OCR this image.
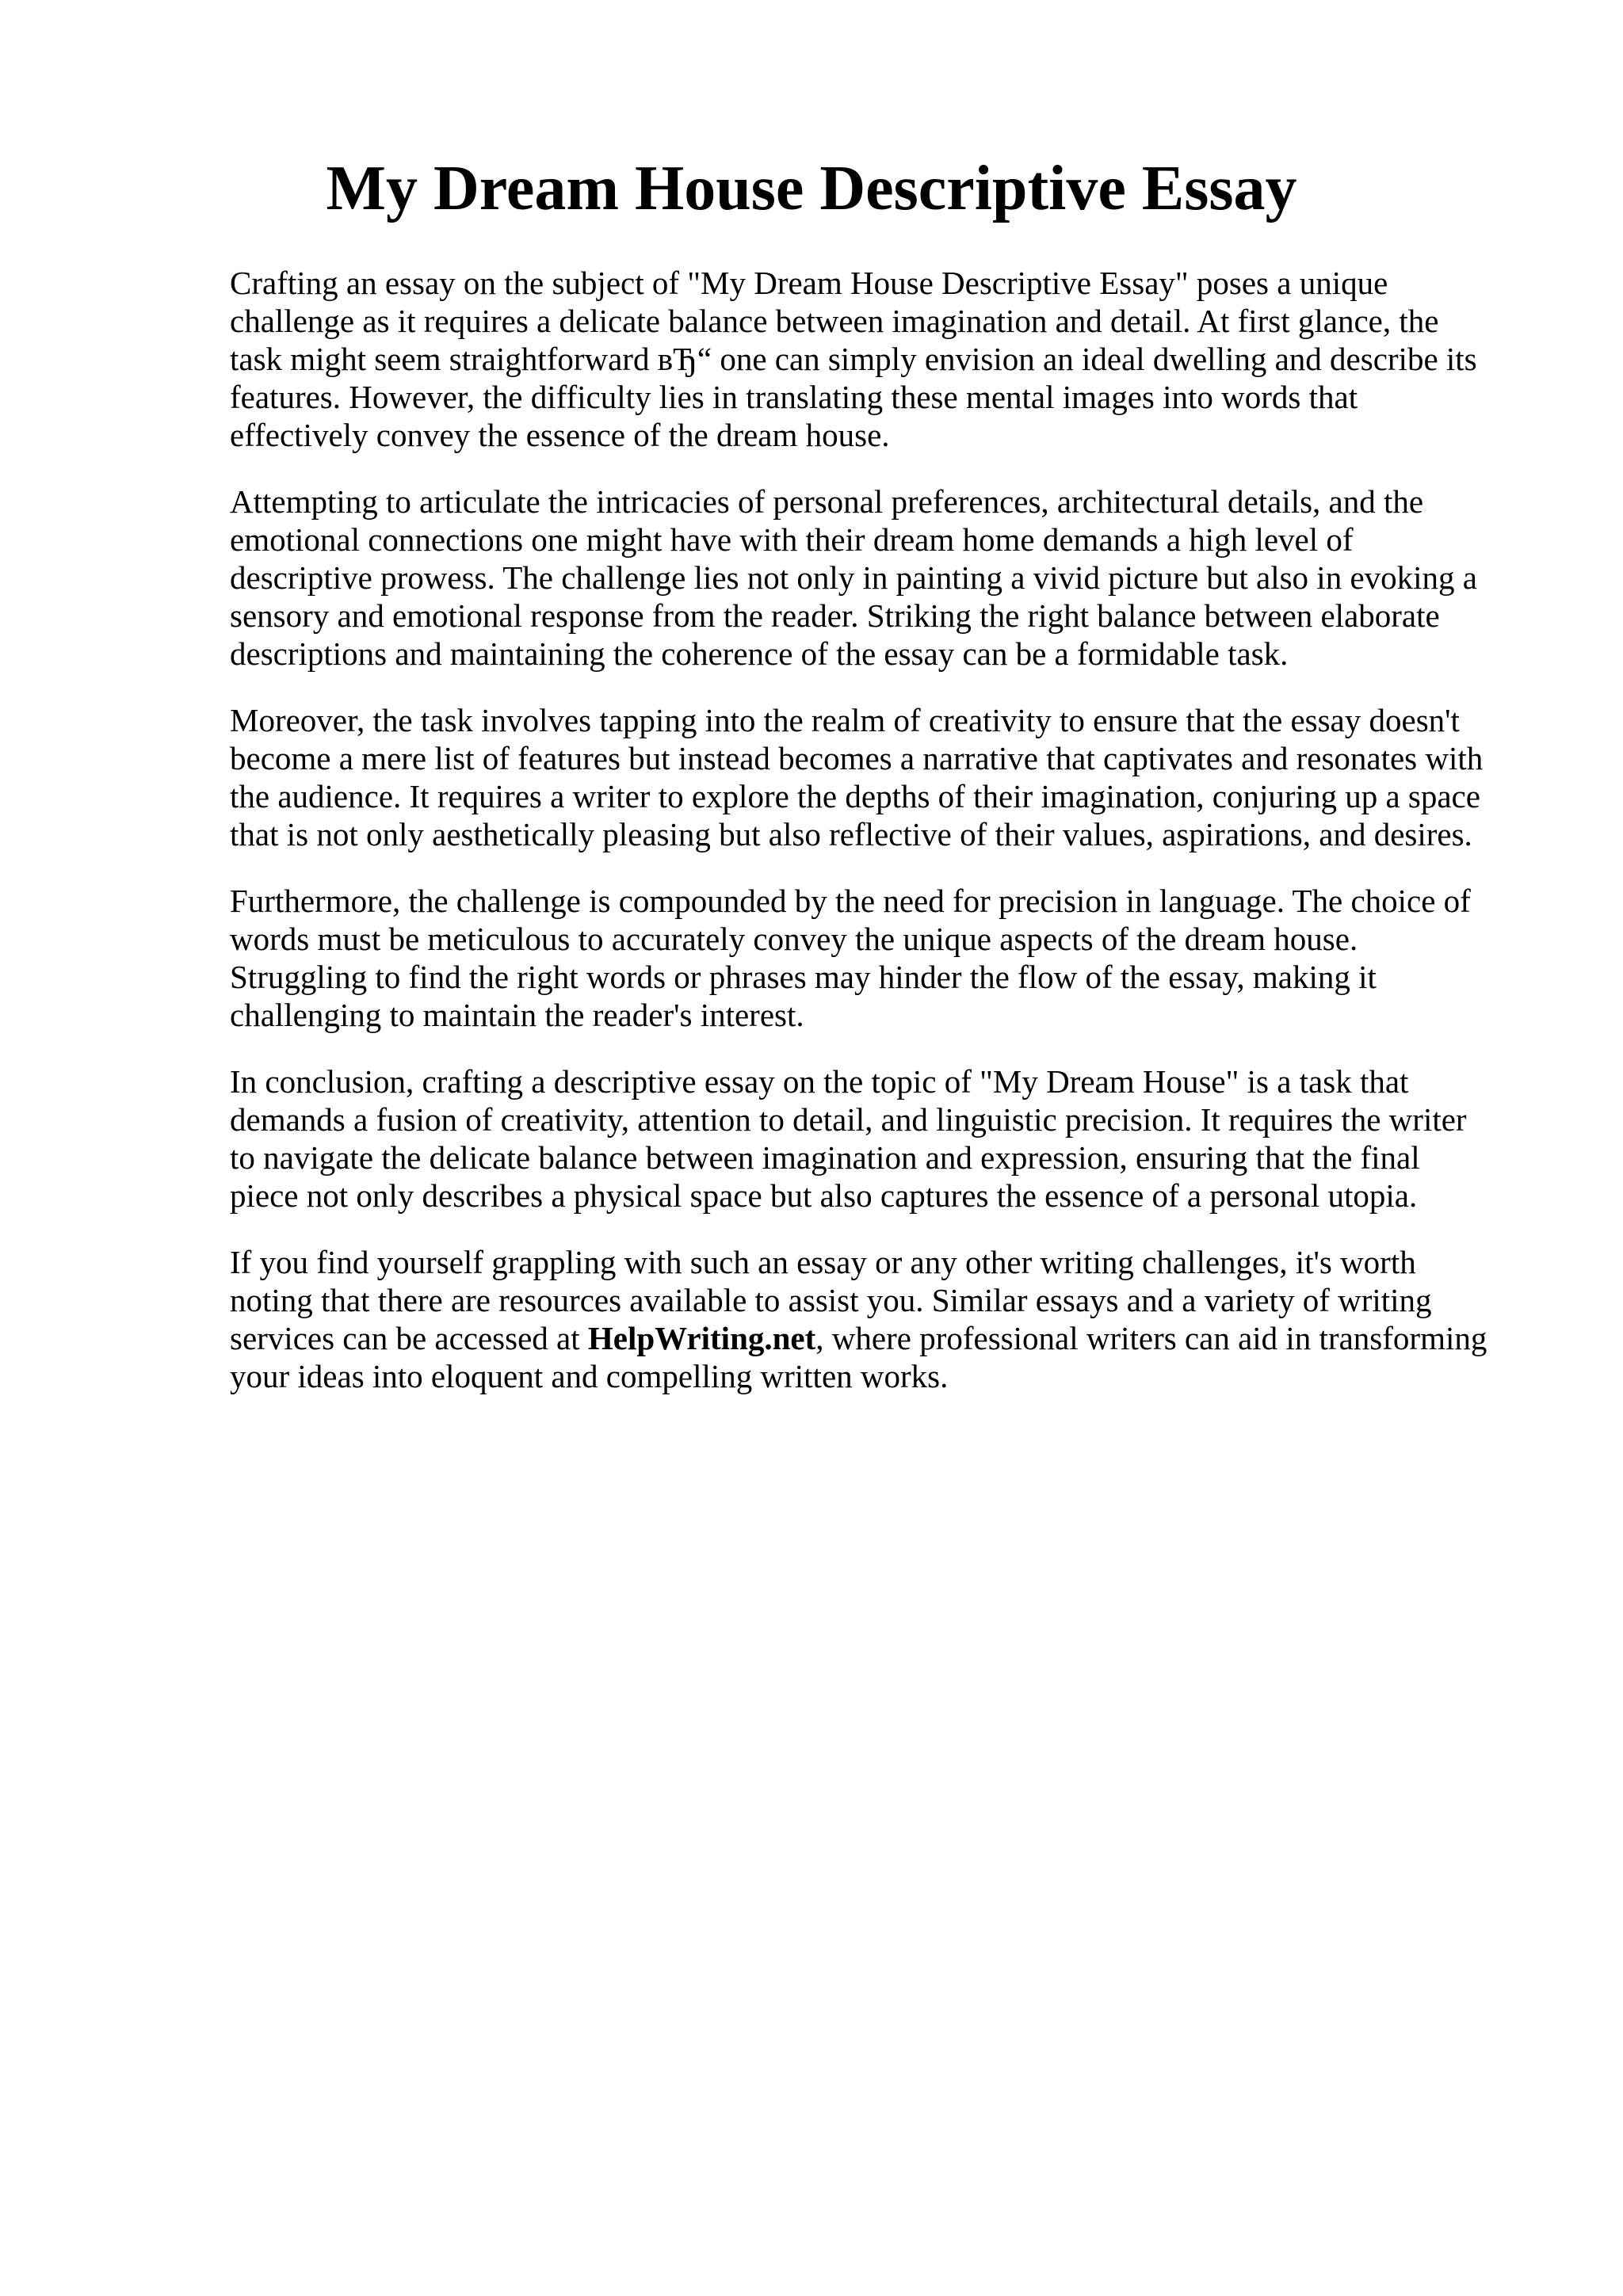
My Dream House Descriptive Essay

Crafting an essay on the subject of "My Dream House Descriptive Essay" poses a unique
challenge as it requires a delicate balance between imagination and detail. At first glance, the
task might seem straightforward вЂ“ one can simply envision an ideal dwelling and describe its
features. However, the difficulty lies in translating these mental images into words that
effectively convey the essence of the dream house.

Attempting to articulate the intricacies of personal preferences, architectural details, and the
emotional connections one might have with their dream home demands a high level of
descriptive prowess. The challenge lies not only in painting a vivid picture but also in evoking a
sensory and emotional response from the reader. Striking the right balance between elaborate
descriptions and maintaining the coherence of the essay can be a formidable task.

Moreover, the task involves tapping into the realm of creativity to ensure that the essay doesn't
become a mere list of features but instead becomes a narrative that captivates and resonates with
the audience. It requires a writer to explore the depths of their imagination, conjuring up a space
that is not only aesthetically pleasing but also reflective of their values, aspirations, and desires.

Furthermore, the challenge is compounded by the need for precision in language. The choice of
words must be meticulous to accurately convey the unique aspects of the dream house.
Struggling to find the right words or phrases may hinder the flow of the essay, making it
challenging to maintain the reader's interest.

In conclusion, crafting a descriptive essay on the topic of "My Dream House" is a task that
demands a fusion of creativity, attention to detail, and linguistic precision. It requires the writer
to navigate the delicate balance between imagination and expression, ensuring that the final
piece not only describes a physical space but also captures the essence of a personal utopia.

If you find yourself grappling with such an essay or any other writing challenges, it's worth
noting that there are resources available to assist you. Similar essays and a variety of writing
services can be accessed at HelpWriting.net, where professional writers can aid in transforming
your ideas into eloquent and compelling written works.
